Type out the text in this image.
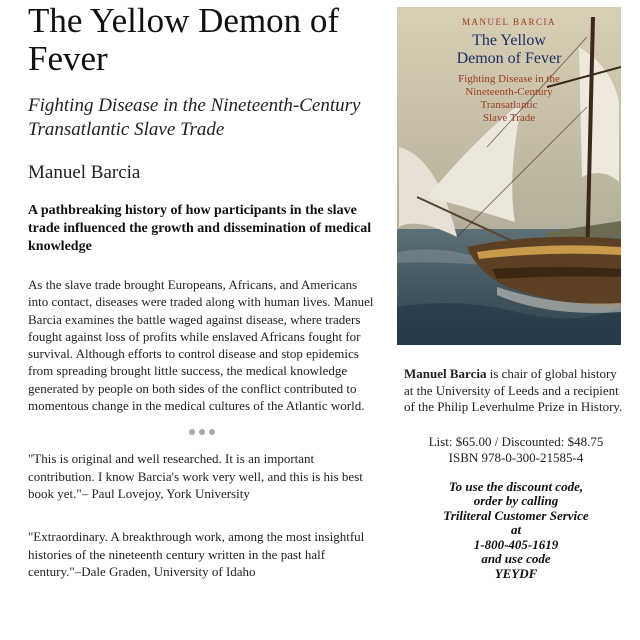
The Yellow Demon of Fever
Fighting Disease in the Nineteenth-Century Transatlantic Slave Trade
Manuel Barcia
A pathbreaking history of how participants in the slave trade influenced the growth and dissemination of medical knowledge
As the slave trade brought Europeans, Africans, and Americans into contact, diseases were traded along with human lives. Manuel Barcia examines the battle waged against disease, where traders fought against loss of profits while enslaved Africans fought for survival. Although efforts to control disease and stop epidemics from spreading brought little success, the medical knowledge generated by people on both sides of the conflict contributed to momentous change in the medical cultures of the Atlantic world.
"This is original and well researched. It is an important contribution. I know Barcia's work very well, and this is his best book yet."– Paul Lovejoy, York University
"Extraordinary. A breakthrough work, among the most insightful histories of the nineteenth century written in the past half century."–Dale Graden, University of Idaho
MANUEL BARCIA
The Yellow
Demon of Fever
Fighting Disease in the
Nineteenth-Century
Transatlantic
Slave Trade
Manuel Barcia is chair of global history at the University of Leeds and a recipient of the Philip Leverhulme Prize in History.
List: $65.00 / Discounted: $48.75
ISBN 978-0-300-21585-4
To use the discount code,
order by calling
Triliteral Customer Service
at
1-800-405-1619
and use code
YEYDF
